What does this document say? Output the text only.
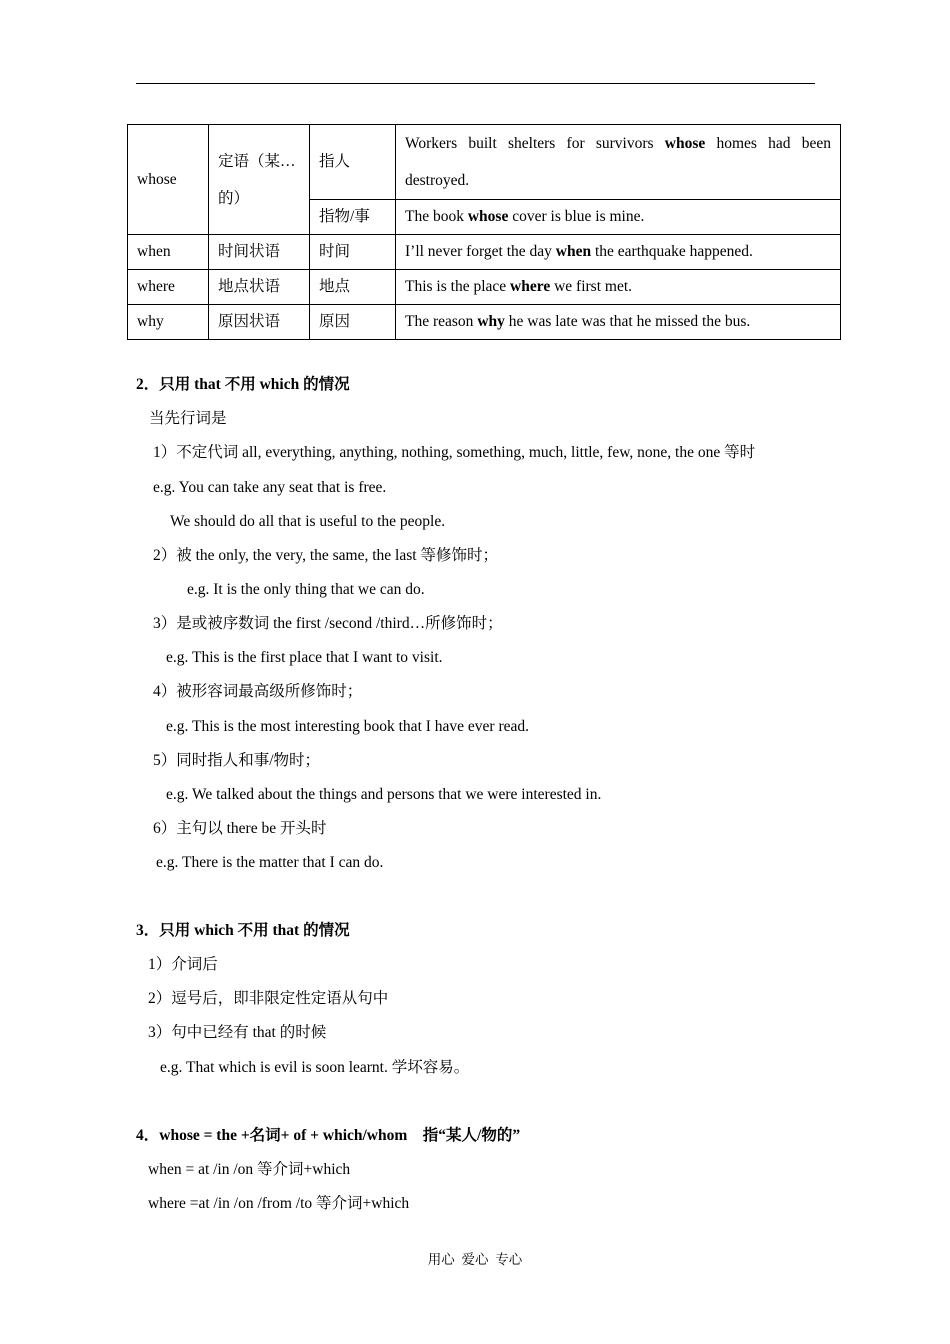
whose	定语（某…的）	指人	Workers built shelters for survivors whose homes had been destroyed.

		指物/事	The book whose cover is blue is mine.
when	时间状语	时间	I’ll never forget the day when the earthquake happened.
where	地点状语	地点	This is the place where we first met.
why	原因状语	原因	The reason why he was late was that he missed the bus.
2．只用 that 不用 which 的情况
当先行词是
1）不定代词 all, everything, anything, nothing, something, much, little, few, none, the one 等时
e.g. You can take any seat that is free.
We should do all that is useful to the people.
2）被 the only, the very, the same, the last 等修饰时；
e.g. It is the only thing that we can do.
3）是或被序数词 the first /second /third…所修饰时；
e.g. This is the first place that I want to visit.
4）被形容词最高级所修饰时；
e.g. This is the most interesting book that I have ever read.
5）同时指人和事/物时；
e.g. We talked about the things and persons that we were interested in.
6）主句以 there be 开头时
e.g. There is the matter that I can do.
3．只用 which 不用 that 的情况
1）介词后
2）逗号后，即非限定性定语从句中
3）句中已经有 that 的时候
e.g. That which is evil is soon learnt. 学坏容易。
4．whose = the +名词+ of + which/whom　指“某人/物的”
when = at /in /on 等介词+which
where =at /in /on /from /to 等介词+which
用心  爱心  专心
